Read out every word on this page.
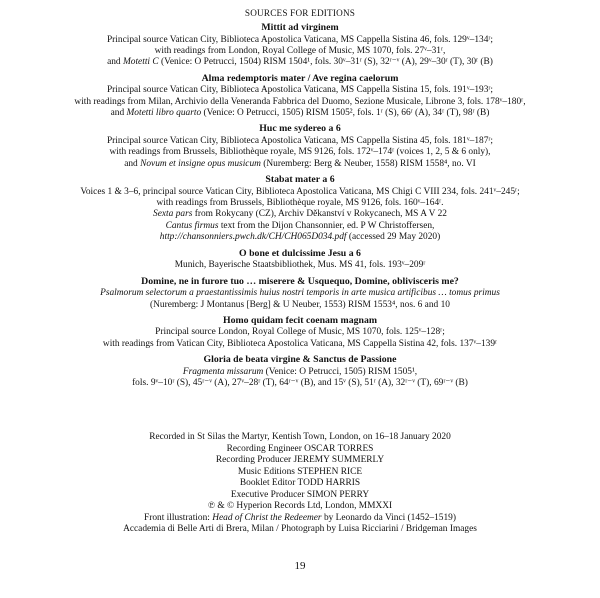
SOURCES FOR EDITIONS
Mittit ad virginem
Principal source Vatican City, Biblioteca Apostolica Vaticana, MS Cappella Sistina 46, fols. 129ᵛ–134ʳ;
with readings from London, Royal College of Music, MS 1070, fols. 27ᵛ–31ʳ,
and Motetti C (Venice: O Petrucci, 1504) RISM 1504¹, fols. 30ᵛ–31ʳ (S), 32ʳ⁻ᵛ (A), 29ᵛ–30ʳ (T), 30ʳ (B)
Alma redemptoris mater / Ave regina caelorum
Principal source Vatican City, Biblioteca Apostolica Vaticana, MS Cappella Sistina 15, fols. 191ᵛ–193ʳ;
with readings from Milan, Archivio della Veneranda Fabbrica del Duomo, Sezione Musicale, Librone 3, fols. 178ᵛ–180ʳ,
and Motetti libro quarto (Venice: O Petrucci, 1505) RISM 1505², fols. 1ʳ (S), 66ʳ (A), 34ʳ (T), 98ʳ (B)
Huc me sydereo a 6
Principal source Vatican City, Biblioteca Apostolica Vaticana, MS Cappella Sistina 45, fols. 181ᵛ–187ʳ;
with readings from Brussels, Bibliothèque royale, MS 9126, fols. 172ᵛ–174ʳ (voices 1, 2, 5 & 6 only),
and Novum et insigne opus musicum (Nuremberg: Berg & Neuber, 1558) RISM 1558⁴, no. VI
Stabat mater a 6
Voices 1 & 3–6, principal source Vatican City, Biblioteca Apostolica Vaticana, MS Chigi C VIII 234, fols. 241ᵛ–245ʳ;
with readings from Brussels, Bibliothèque royale, MS 9126, fols. 160ᵛ–164ʳ.
Sexta pars from Rokycany (CZ), Archiv Děkanství v Rokycanech, MS A V 22
Cantus firmus text from the Dijon Chansonnier, ed. P W Christoffersen,
http://chansonniers.pwch.dk/CH/CH065D034.pdf (accessed 29 May 2020)
O bone et dulcissime Jesu a 6
Munich, Bayerische Staatsbibliothek, Mus. MS 41, fols. 193ᵛ–209ʳ
Domine, ne in furore tuo … miserere & Usquequo, Domine, oblivisceris me?
Psalmorum selectorum a praestantissimis huius nostri temporis in arte musica artificibus … tomus primus
(Nuremberg: J Montanus [Berg] & U Neuber, 1553) RISM 1553⁴, nos. 6 and 10
Homo quidam fecit coenam magnam
Principal source London, Royal College of Music, MS 1070, fols. 125ᵛ–128ʳ;
with readings from Vatican City, Biblioteca Apostolica Vaticana, MS Cappella Sistina 42, fols. 137ᵛ–139ʳ
Gloria de beata virgine & Sanctus de Passione
Fragmenta missarum (Venice: O Petrucci, 1505) RISM 1505¹,
fols. 9ᵛ–10ʳ (S), 45ʳ⁻ᵛ (A), 27ᵛ–28ʳ (T), 64ʳ⁻ᵛ (B), and 15ᵛ (S), 51ʳ (A), 32ʳ⁻ᵛ (T), 69ʳ⁻ᵛ (B)
Recorded in St Silas the Martyr, Kentish Town, London, on 16–18 January 2020
Recording Engineer OSCAR TORRES
Recording Producer JEREMY SUMMERLY
Music Editions STEPHEN RICE
Booklet Editor TODD HARRIS
Executive Producer SIMON PERRY
℗ & © Hyperion Records Ltd, London, MMXXI
Front illustration: Head of Christ the Redeemer by Leonardo da Vinci (1452–1519)
Accademia di Belle Arti di Brera, Milan / Photograph by Luisa Ricciarini / Bridgeman Images
19
